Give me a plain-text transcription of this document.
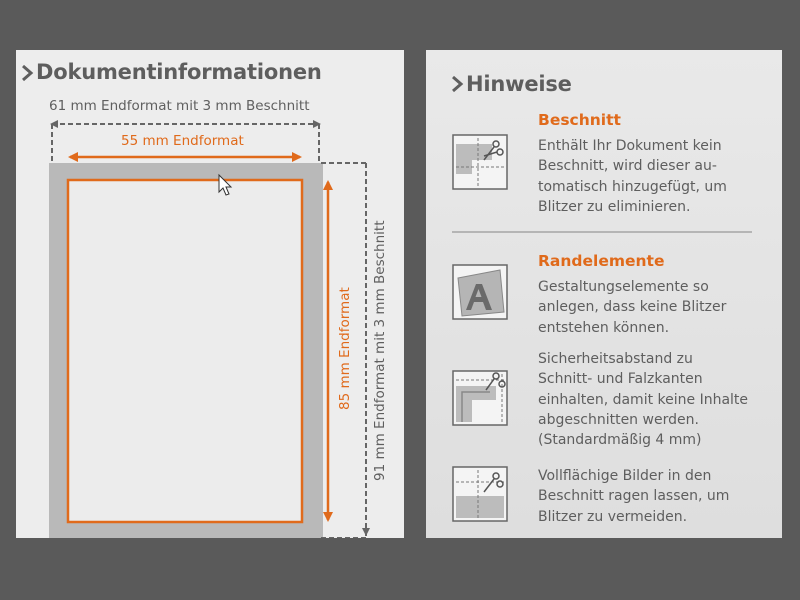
Dokumentinformationen
61 mm Endformat mit 3 mm Beschnitt
55 mm Endformat
85 mm Endformat 91 mm Endformat mit 3 mm Beschnitt
Hinweise
Beschnitt
Enthält Ihr Dokument kein
Beschnitt, wird dieser au-
tomatisch hinzugefügt, um
Blitzer zu eliminieren.
Randelemente
Gestaltungselemente so
anlegen, dass keine Blitzer
entstehen können.
Sicherheitsabstand zu
Schnitt- und Falzkanten
einhalten, damit keine Inhalte
abgeschnitten werden.
(Standardmäßig 4 mm)
Vollflächige Bilder in den
Beschnitt ragen lassen, um
Blitzer zu vermeiden.
